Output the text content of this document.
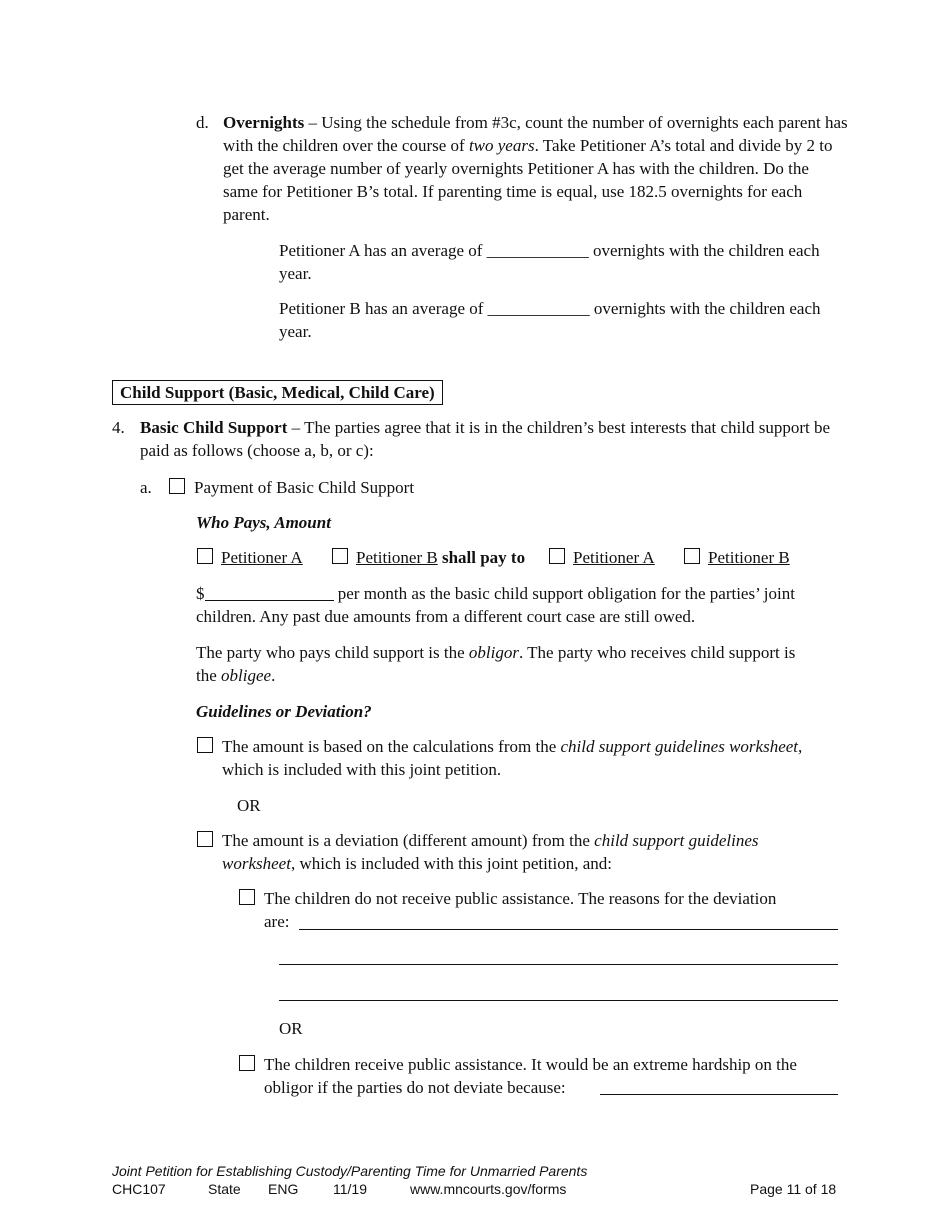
d. Overnights – Using the schedule from #3c, count the number of overnights each parent has with the children over the course of two years. Take Petitioner A’s total and divide by 2 to get the average number of yearly overnights Petitioner A has with the children. Do the same for Petitioner B’s total. If parenting time is equal, use 182.5 overnights for each parent.
Petitioner A has an average of ____________ overnights with the children each year.
Petitioner B has an average of ____________ overnights with the children each year.
Child Support (Basic, Medical, Child Care)
4. Basic Child Support – The parties agree that it is in the children’s best interests that child support be paid as follows (choose a, b, or c):
a. Payment of Basic Child Support
Who Pays, Amount
Petitioner A	Petitioner B shall pay to	Petitioner A	Petitioner B
$	per month as the basic child support obligation for the parties’ joint children. Any past due amounts from a different court case are still owed.
The party who pays child support is the obligor. The party who receives child support is the obligee.
Guidelines or Deviation?
The amount is based on the calculations from the child support guidelines worksheet, which is included with this joint petition.
OR
The amount is a deviation (different amount) from the child support guidelines worksheet, which is included with this joint petition, and:
The children do not receive public assistance. The reasons for the deviation
are:
OR
The children receive public assistance. It would be an extreme hardship on the
obligor if the parties do not deviate because:
Joint Petition for Establishing Custody/Parenting Time for Unmarried Parents
CHC107	State ENG 11/19	www.mncourts.gov/forms	Page 11 of 18
